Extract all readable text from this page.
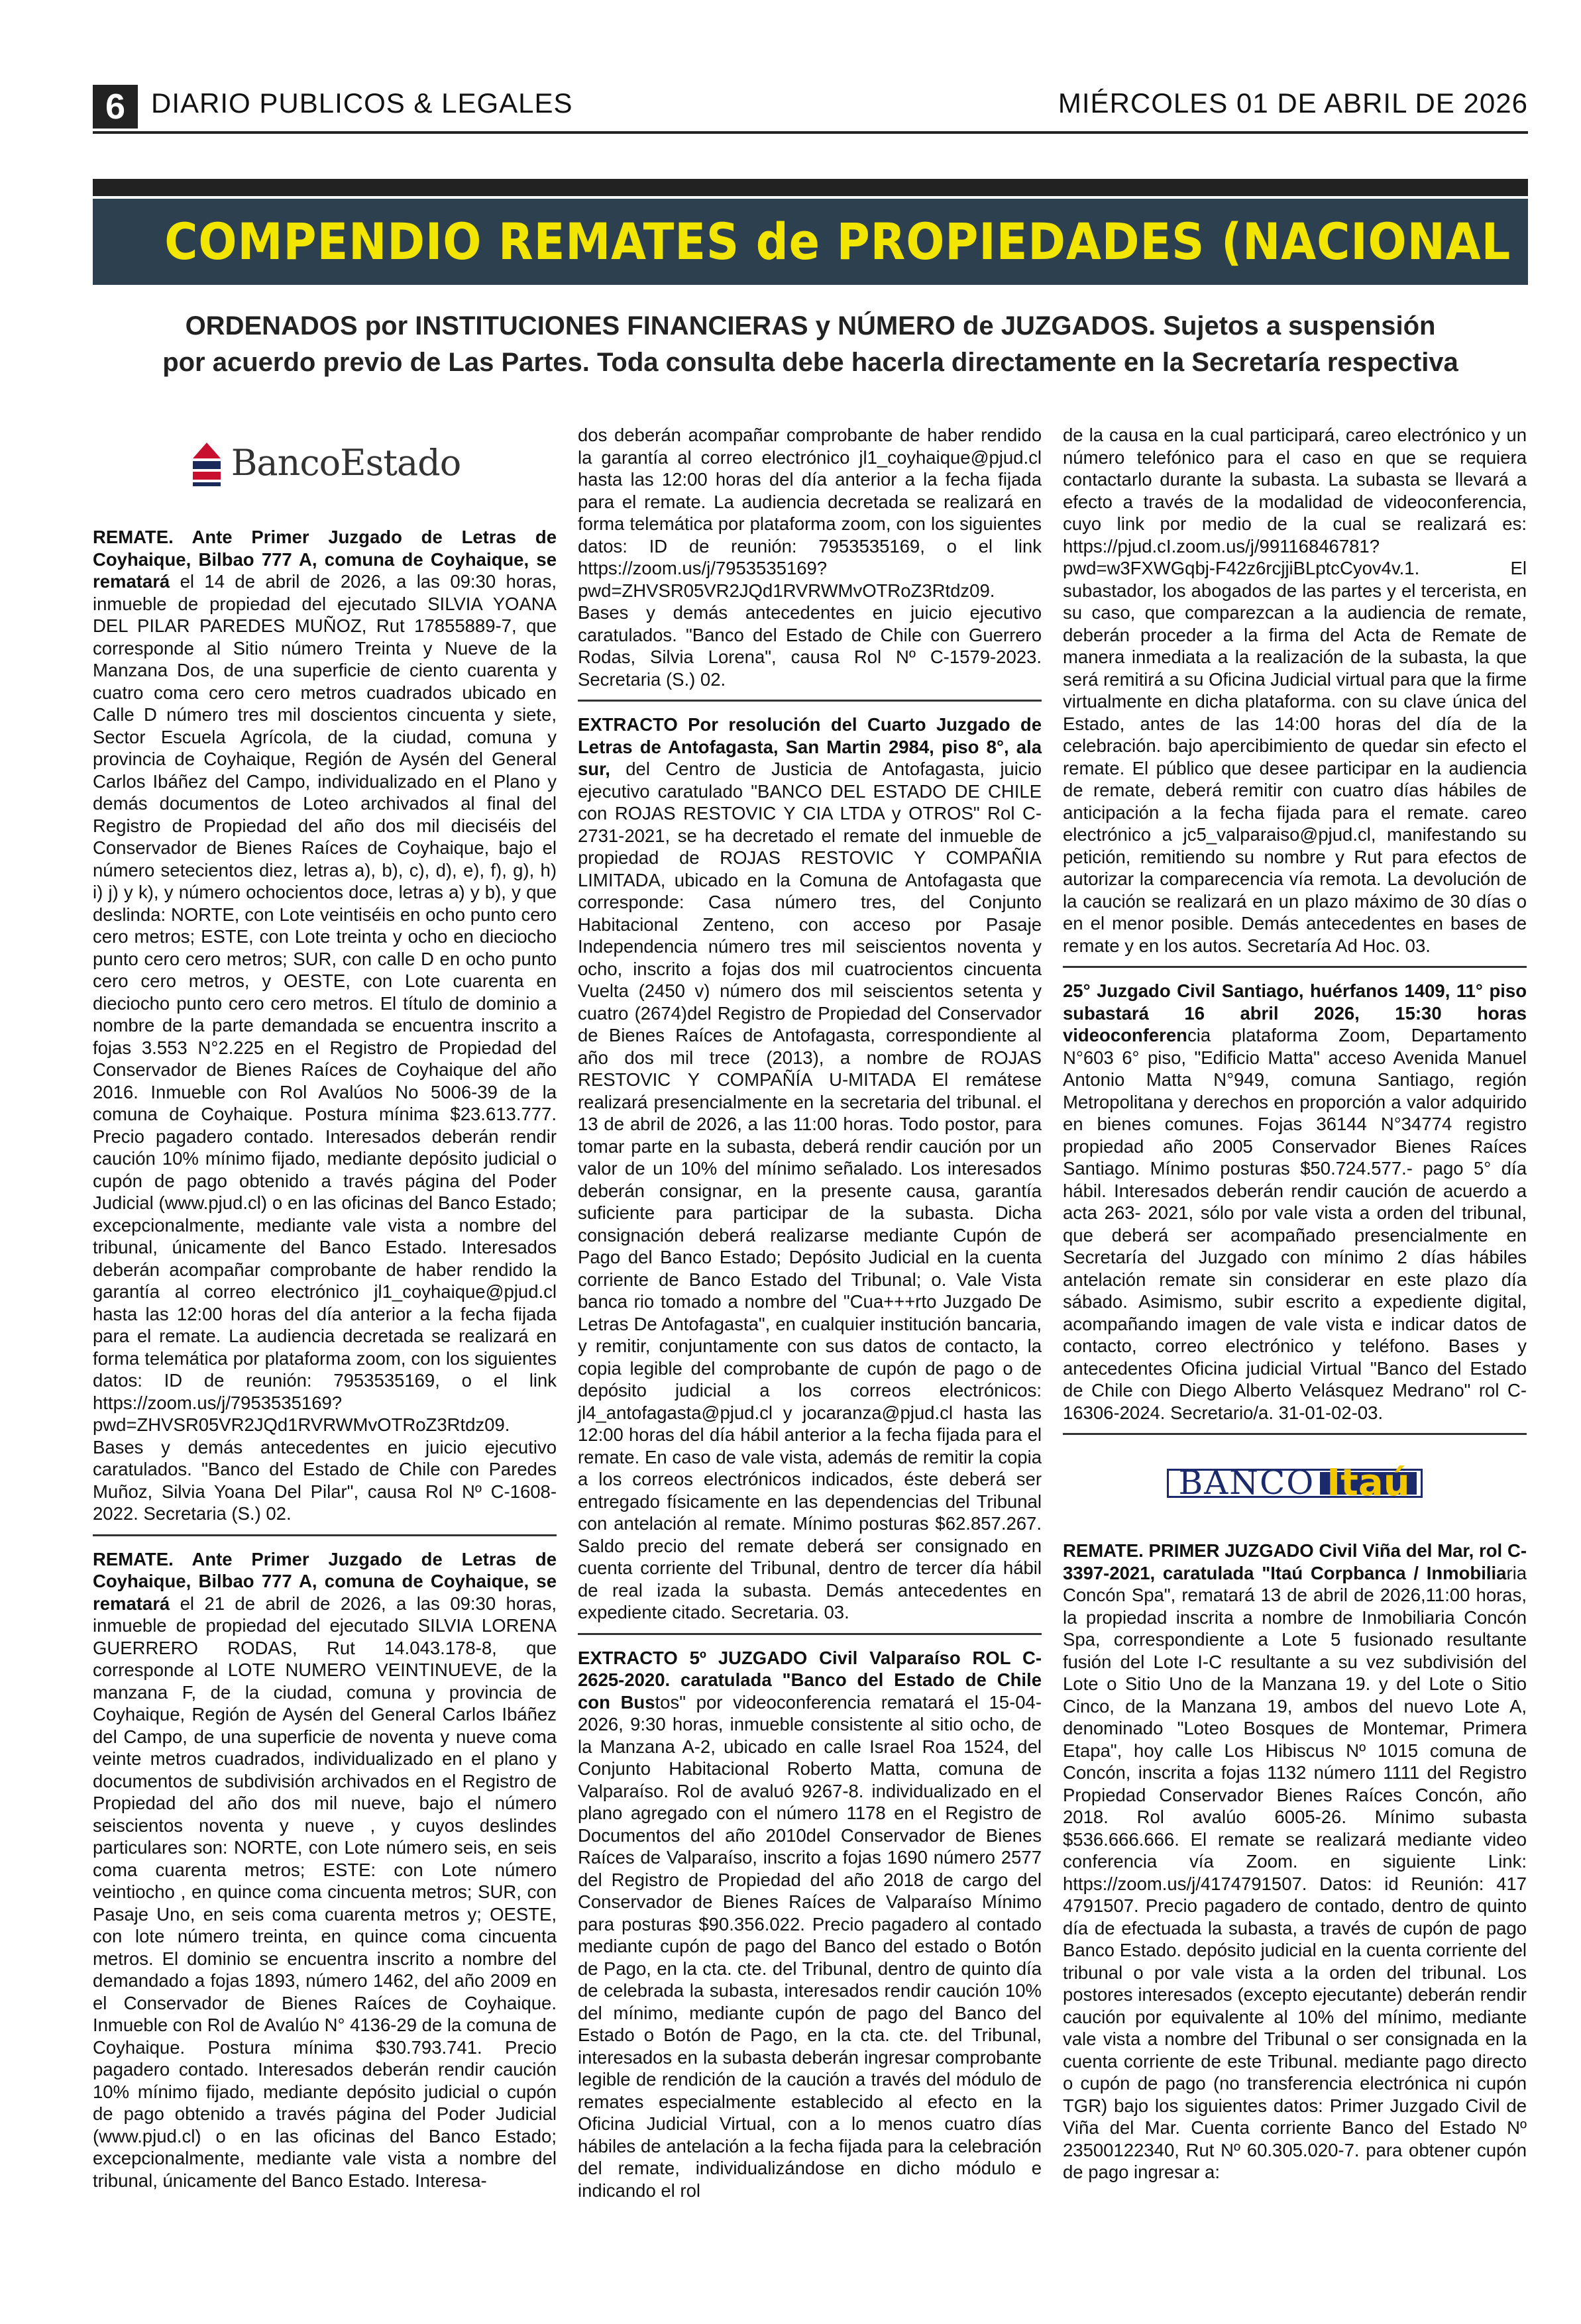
6 DIARIO PUBLICOS & LEGALES	MIÉRCOLES 01 DE ABRIL DE 2026
COMPENDIO REMATES de PROPIEDADES (NACIONAL
ORDENADOS por INSTITUCIONES FINANCIERAS y NÚMERO de JUZGADOS. Sujetos a suspensión
por acuerdo previo de Las Partes. Toda consulta debe hacerla directamente en la Secretaría respectiva
BancoEstado

REMATE. Ante Primer Juzgado de Letras de Coyhaique, Bilbao 777 A, comuna de Coyhaique, se rematará el 14 de abril de 2026, a las 09:30 horas, inmueble de propiedad del ejecutado SILVIA YOANA DEL PILAR PAREDES MUÑOZ, Rut 17855889-7, que corresponde al Sitio número Treinta y Nueve de la Manzana Dos, de una superficie de ciento cuarenta y cuatro coma cero cero metros cuadrados ubicado en Calle D número tres mil doscientos cincuenta y siete, Sector Escuela Agrícola, de la ciudad, comuna y provincia de Coyhaique, Región de Aysén del General Carlos Ibáñez del Campo, individualizado en el Plano y demás documentos de Loteo archivados al final del Registro de Propiedad del año dos mil dieciséis del Conservador de Bienes Raíces de Coyhaique, bajo el número setecientos diez, letras a), b), c), d), e), f), g), h) i) j) y k), y número ochocientos doce, letras a) y b), y que deslinda: NORTE, con Lote veintiséis en ocho punto cero cero metros; ESTE, con Lote treinta y ocho en dieciocho punto cero cero metros; SUR, con calle D en ocho punto cero cero metros, y OESTE, con Lote cuarenta en dieciocho punto cero cero metros. El título de dominio a nombre de la parte demandada se encuentra inscrito a fojas 3.553 N°2.225 en el Registro de Propiedad del Conservador de Bienes Raíces de Coyhaique del año 2016. Inmueble con Rol Avalúos No 5006-39 de la comuna de Coyhaique. Postura mínima $23.613.777. Precio pagadero contado. Interesados deberán rendir caución 10% mínimo fijado, mediante depósito judicial o cupón de pago obtenido a través página del Poder Judicial (www.pjud.cl) o en las oficinas del Banco Estado; excepcionalmente, mediante vale vista a nombre del tribunal, únicamente del Banco Estado. Interesados deberán acompañar comprobante de haber rendido la garantía al correo electrónico jl1_coyhaique@pjud.cl hasta las 12:00 horas del día anterior a la fecha fijada para el remate. La audiencia decretada se realizará en forma telemática por plataforma zoom, con los siguientes datos: ID de reunión: 7953535169, o el link https://zoom.us/j/7953535169?pwd=ZHVSR05VR2JQd1RVRWMvOTRoZ3Rtdz09. Bases y demás antecedentes en juicio ejecutivo caratulados. "Banco del Estado de Chile con Paredes Muñoz, Silvia Yoana Del Pilar", causa Rol Nº C-1608-2022. Secretaria (S.) 02.

REMATE. Ante Primer Juzgado de Letras de Coyhaique, Bilbao 777 A, comuna de Coyhaique, se rematará el 21 de abril de 2026, a las 09:30 horas, inmueble de propiedad del ejecutado SILVIA LORENA GUERRERO RODAS, Rut 14.043.178-8, que corresponde al LOTE NUMERO VEINTINUEVE, de la manzana F, de la ciudad, comuna y provincia de Coyhaique, Región de Aysén del General Carlos Ibáñez del Campo, de una superficie de noventa y nueve coma veinte metros cuadrados, individualizado en el plano y documentos de subdivisión archivados en el Registro de Propiedad del año dos mil nueve, bajo el número seiscientos noventa y nueve , y cuyos deslindes particulares son: NORTE, con Lote número seis, en seis coma cuarenta metros; ESTE: con Lote número veintiocho , en quince coma cincuenta metros; SUR, con Pasaje Uno, en seis coma cuarenta metros y; OESTE, con lote número treinta, en quince coma cincuenta metros. El dominio se encuentra inscrito a nombre del demandado a fojas 1893, número 1462, del año 2009 en el Conservador de Bienes Raíces de Coyhaique. Inmueble con Rol de Avalúo N° 4136-29 de la comuna de Coyhaique. Postura mínima $30.793.741. Precio pagadero contado. Interesados deberán rendir caución 10% mínimo fijado, mediante depósito judicial o cupón de pago obtenido a través página del Poder Judicial (www.pjud.cl) o en las oficinas del Banco Estado; excepcionalmente, mediante vale vista a nombre del tribunal, únicamente del Banco Estado. Interesa-

dos deberán acompañar comprobante de haber rendido la garantía al correo electrónico jl1_coyhaique@pjud.cl hasta las 12:00 horas del día anterior a la fecha fijada para el remate. La audiencia decretada se realizará en forma telemática por plataforma zoom, con los siguientes datos: ID de reunión: 7953535169, o el link https://zoom.us/j/7953535169?pwd=ZHVSR05VR2JQd1RVRWMvOTRoZ3Rtdz09. Bases y demás antecedentes en juicio ejecutivo caratulados. "Banco del Estado de Chile con Guerrero Rodas, Silvia Lorena", causa Rol Nº C-1579-2023. Secretaria (S.) 02.

EXTRACTO Por resolución del Cuarto Juzgado de Letras de Antofagasta, San Martin 2984, piso 8°, ala sur, del Centro de Justicia de Antofagasta, juicio ejecutivo caratulado "BANCO DEL ESTADO DE CHILE con ROJAS RESTOVIC Y CIA LTDA y OTROS" Rol C-2731-2021, se ha decretado el remate del inmueble de propiedad de ROJAS RESTOVIC Y COMPAÑIA LIMITADA, ubicado en la Comuna de Antofagasta que corresponde: Casa número tres, del Conjunto Habitacional Zenteno, con acceso por Pasaje Independencia número tres mil seiscientos noventa y ocho, inscrito a fojas dos mil cuatrocientos cincuenta Vuelta (2450 v) número dos mil seiscientos setenta y cuatro (2674)del Registro de Propiedad del Conservador de Bienes Raíces de Antofagasta, correspondiente al año dos mil trece (2013), a nombre de ROJAS RESTOVIC Y COMPAÑÍA U-MITADA El remátese realizará presencialmente en la secretaria del tribunal. el 13 de abril de 2026, a las 11:00 horas. Todo postor, para tomar parte en la subasta, deberá rendir caución por un valor de un 10% del mínimo señalado. Los interesados deberán consignar, en la presente causa, garantía suficiente para participar de la subasta. Dicha consignación deberá realizarse mediante Cupón de Pago del Banco Estado; Depósito Judicial en la cuenta corriente de Banco Estado del Tribunal; o. Vale Vista banca rio tomado a nombre del "Cua+++rto Juzgado De Letras De Antofagasta", en cualquier institución bancaria, y remitir, conjuntamente con sus datos de contacto, la copia legible del comprobante de cupón de pago o de depósito judicial a los correos electrónicos: jl4_antofagasta@pjud.cl y jocaranza@pjud.cl hasta las 12:00 horas del día hábil anterior a la fecha fijada para el remate. En caso de vale vista, además de remitir la copia a los correos electrónicos indicados, éste deberá ser entregado físicamente en las dependencias del Tribunal con antelación al remate. Mínimo posturas $62.857.267. Saldo precio del remate deberá ser consignado en cuenta corriente del Tribunal, dentro de tercer día hábil de real izada la subasta. Demás antecedentes en expediente citado. Secretaria. 03.

EXTRACTO 5º JUZGADO Civil Valparaíso ROL C-2625-2020. caratulada "Banco del Estado de Chile con Bustos" por videoconferencia rematará el 15-04-2026, 9:30 horas, inmueble consistente al sitio ocho, de la Manzana A-2, ubicado en calle Israel Roa 1524, del Conjunto Habitacional Roberto Matta, comuna de Valparaíso. Rol de avaluó 9267-8. individualizado en el plano agregado con el número 1178 en el Registro de Documentos del año 2010del Conservador de Bienes Raíces de Valparaíso, inscrito a fojas 1690 número 2577 del Registro de Propiedad del año 2018 de cargo del Conservador de Bienes Raíces de Valparaíso Mínimo para posturas $90.356.022. Precio pagadero al contado mediante cupón de pago del Banco del estado o Botón de Pago, en la cta. cte. del Tribunal, dentro de quinto día de celebrada la subasta, interesados rendir caución 10% del mínimo, mediante cupón de pago del Banco del Estado o Botón de Pago, en la cta. cte. del Tribunal, interesados en la subasta deberán ingresar comprobante legible de rendición de la caución a través del módulo de remates especialmente establecido al efecto en la Oficina Judicial Virtual, con a lo menos cuatro días hábiles de antelación a la fecha fijada para la celebración del remate, individualizándose en dicho módulo e indicando el rol

de la causa en la cual participará, careo electrónico y un número telefónico para el caso en que se requiera contactarlo durante la subasta. La subasta se llevará a efecto a través de la modalidad de videoconferencia, cuyo link por medio de la cual se realizará es: https://pjud.cI.zoom.us/j/99116846781?pwd=w3FXWGqbj-F42z6rcjjiBLptcCyov4v.1. El subastador, los abogados de las partes y el tercerista, en su caso, que comparezcan a la audiencia de remate, deberán proceder a la firma del Acta de Remate de manera inmediata a la realización de la subasta, la que será remitirá a su Oficina Judicial virtual para que la firme virtualmente en dicha plataforma. con su clave única del Estado, antes de las 14:00 horas del día de la celebración. bajo apercibimiento de quedar sin efecto el remate. El público que desee participar en la audiencia de remate, deberá remitir con cuatro días hábiles de anticipación a la fecha fijada para el remate. careo electrónico a jc5_valparaiso@pjud.cl, manifestando su petición, remitiendo su nombre y Rut para efectos de autorizar la comparecencia vía remota. La devolución de la caución se realizará en un plazo máximo de 30 días o en el menor posible. Demás antecedentes en bases de remate y en los autos. Secretaría Ad Hoc. 03.

25° Juzgado Civil Santiago, huérfanos 1409, 11° piso subastará 16 abril 2026, 15:30 horas videoconferencia plataforma Zoom, Departamento N°603 6° piso, "Edificio Matta" acceso Avenida Manuel Antonio Matta N°949, comuna Santiago, región Metropolitana y derechos en proporción a valor adquirido en bienes comunes. Fojas 36144 N°34774 registro propiedad año 2005 Conservador Bienes Raíces Santiago. Mínimo posturas $50.724.577.- pago 5° día hábil. Interesados deberán rendir caución de acuerdo a acta 263- 2021, sólo por vale vista a orden del tribunal, que deberá ser acompañado presencialmente en Secretaría del Juzgado con mínimo 2 días hábiles antelación remate sin considerar en este plazo día sábado. Asimismo, subir escrito a expediente digital, acompañando imagen de vale vista e indicar datos de contacto, correo electrónico y teléfono. Bases y antecedentes Oficina judicial Virtual "Banco del Estado de Chile con Diego Alberto Velásquez Medrano" rol C-16306-2024. Secretario/a. 31-01-02-03.

BANCO Itaú

REMATE. PRIMER JUZGADO Civil Viña del Mar, rol C-3397-2021, caratulada "Itaú Corpbanca / Inmobiliaria Concón Spa", rematará 13 de abril de 2026,11:00 horas, la propiedad inscrita a nombre de Inmobiliaria Concón Spa, correspondiente a Lote 5 fusionado resultante fusión del Lote I-C resultante a su vez subdivisión del Lote o Sitio Uno de la Manzana 19. y del Lote o Sitio Cinco, de la Manzana 19, ambos del nuevo Lote A, denominado "Loteo Bosques de Montemar, Primera Etapa", hoy calle Los Hibiscus Nº 1015 comuna de Concón, inscrita a fojas 1132 número 1111 del Registro Propiedad Conservador Bienes Raíces Concón, año 2018. Rol avalúo 6005-26. Mínimo subasta $536.666.666. El remate se realizará mediante video conferencia vía Zoom. en siguiente Link: https://zoom.us/j/4174791507. Datos: id Reunión: 417 4791507. Precio pagadero de contado, dentro de quinto día de efectuada la subasta, a través de cupón de pago Banco Estado. depósito judicial en la cuenta corriente del tribunal o por vale vista a la orden del tribunal. Los postores interesados (excepto ejecutante) deberán rendir caución por equivalente al 10% del mínimo, mediante vale vista a nombre del Tribunal o ser consignada en la cuenta corriente de este Tribunal. mediante pago directo o cupón de pago (no transferencia electrónica ni cupón TGR) bajo los siguientes datos: Primer Juzgado Civil de Viña del Mar. Cuenta corriente Banco del Estado Nº 23500122340, Rut Nº 60.305.020-7. para obtener cupón de pago ingresar a:
